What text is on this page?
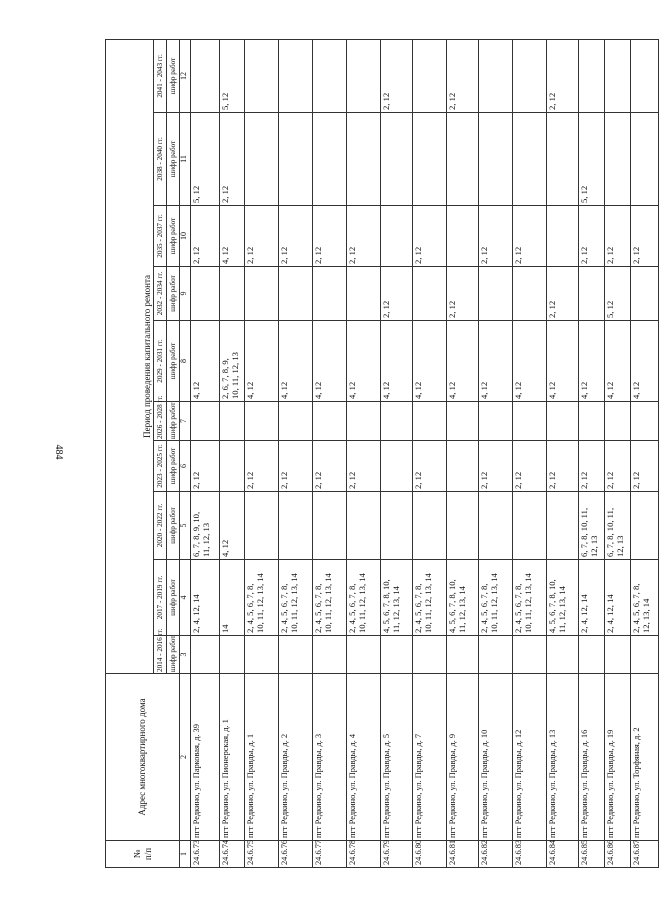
484
№
п/п	Адрес многоквартирного дома	Период проведения капитального ремонта									
		2014 - 2016 гг.	2017 - 2019 гг.	2020 - 2022 гг.	2023 - 2025 гг.	2026 - 2028 гг.	2029 - 2031 гг.	2032 - 2034 гг.	2035 - 2037 гг.	2038 - 2040 гг.	2041 - 2043 гг.
		шифр работ	шифр работ	шифр работ	шифр работ	шифр работ	шифр работ	шифр работ	шифр работ	шифр работ	шифр работ
1	2	3	4	5	6	7	8	9	10	11	12
24.6.73	пгт Редкино, ул. Парковая, д. 39		2, 4, 12, 14	6, 7, 8, 9, 10,
11, 12, 13	2, 12		4, 12		2, 12	5, 12	
24.6.74	пгт Редкино, ул. Пионерская, д. 1		14	4, 12			2, 6, 7, 8, 9,
10, 11, 12, 13		4, 12	2, 12	5, 12
24.6.75	пгт Редкино, ул. Правды, д. 1		2, 4, 5, 6, 7, 8,
10, 11, 12, 13, 14		2, 12		4, 12		2, 12		
24.6.76	пгт Редкино, ул. Правды, д. 2		2, 4, 5, 6, 7, 8,
10, 11, 12, 13, 14		2, 12		4, 12		2, 12		
24.6.77	пгт Редкино, ул. Правды, д. 3		2, 4, 5, 6, 7, 8,
10, 11, 12, 13, 14		2, 12		4, 12		2, 12		
24.6.78	пгт Редкино, ул. Правды, д. 4		2, 4, 5, 6, 7, 8,
10, 11, 12, 13, 14		2, 12		4, 12		2, 12		
24.6.79	пгт Редкино, ул. Правды, д. 5		4, 5, 6, 7, 8, 10,
11, 12, 13, 14				4, 12	2, 12			2, 12
24.6.80	пгт Редкино, ул. Правды, д. 7		2, 4, 5, 6, 7, 8,
10, 11, 12, 13, 14		2, 12		4, 12		2, 12		
24.6.81	пгт Редкино, ул. Правды, д. 9		4, 5, 6, 7, 8, 10,
11, 12, 13, 14				4, 12	2, 12			2, 12
24.6.82	пгт Редкино, ул. Правды, д. 10		2, 4, 5, 6, 7, 8,
10, 11, 12, 13, 14		2, 12		4, 12		2, 12		
24.6.83	пгт Редкино, ул. Правды, д. 12		2, 4, 5, 6, 7, 8,
10, 11, 12, 13, 14		2, 12		4, 12		2, 12		
24.6.84	пгт Редкино, ул. Правды, д. 13		4, 5, 6, 7, 8, 10,
11, 12, 13, 14		2, 12		4, 12	2, 12			2, 12
24.6.85	пгт Редкино, ул. Правды, д. 16		2, 4, 12, 14	6, 7, 8, 10, 11,
12, 13	2, 12		4, 12		2, 12	5, 12	
24.6.86	пгт Редкино, ул. Правды, д. 19		2, 4, 12, 14	6, 7, 8, 10, 11,
12, 13	2, 12		4, 12	5, 12	2, 12		
24.6.87	пгт Редкино, ул. Торфяная, д. 2		2, 4, 5, 6, 7, 8,
12, 13, 14		2, 12		4, 12		2, 12		
